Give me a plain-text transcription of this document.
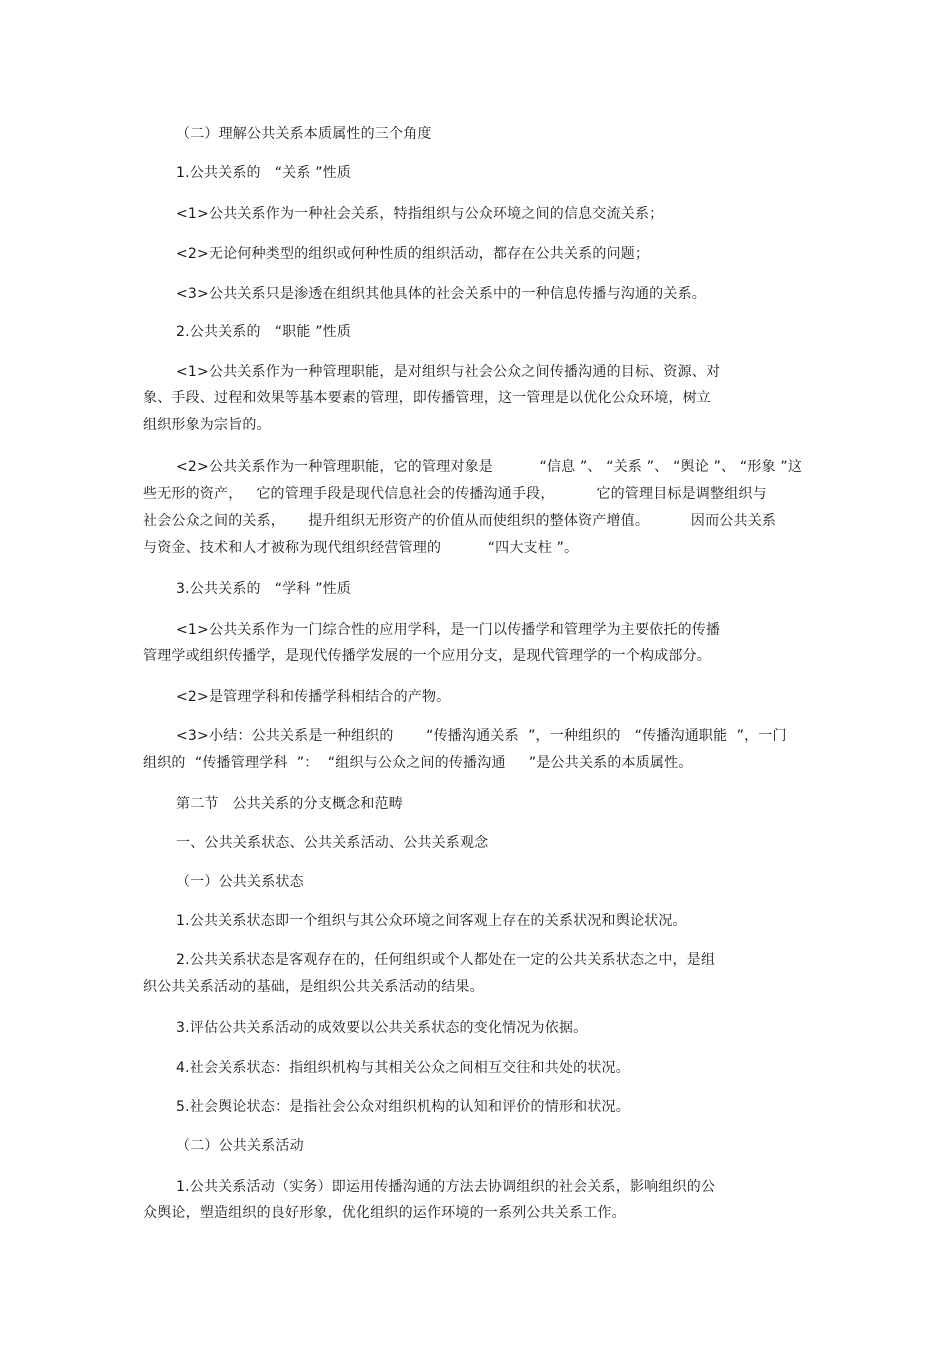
（二）理解公共关系本质属性的三个角度
1.公共关系的   “关系 ”性质
<1>公共关系作为一种社会关系，特指组织与公众环境之间的信息交流关系；
<2>无论何种类型的组织或何种性质的组织活动，都存在公共关系的问题；
<3>公共关系只是渗透在组织其他具体的社会关系中的一种信息传播与沟通的关系。
2.公共关系的   “职能 ”性质
<1>公共关系作为一种管理职能，是对组织与社会公众之间传播沟通的目标、资源、对
象、手段、过程和效果等基本要素的管理，即传播管理，这一管理是以优化公众环境，树立
组织形象为宗旨的。
<2>公共关系作为一种管理职能，它的管理对象是          “信息 ”、 “关系 ”、 “舆论 ”、 “形象 ”这
些无形的资产，   它的管理手段是现代信息社会的传播沟通手段，         它的管理目标是调整组织与
社会公众之间的关系，     提升组织无形资产的价值从而使组织的整体资产增值。         因而公共关系
与资金、技术和人才被称为现代组织经营管理的          “四大支柱 ”。
3.公共关系的   “学科 ”性质
<1>公共关系作为一门综合性的应用学科，是一门以传播学和管理学为主要依托的传播
管理学或组织传播学，是现代传播学发展的一个应用分支，是现代管理学的一个构成部分。
<2>是管理学科和传播学科相结合的产物。
<3>小结：公共关系是一种组织的       “传播沟通关系  ”，一种组织的   “传播沟通职能  ”，一门
组织的  “传播管理学科  ”：  “组织与公众之间的传播沟通     ”是公共关系的本质属性。
第二节   公共关系的分支概念和范畴
一、公共关系状态、公共关系活动、公共关系观念
（一）公共关系状态
1.公共关系状态即一个组织与其公众环境之间客观上存在的关系状况和舆论状况。
2.公共关系状态是客观存在的，任何组织或个人都处在一定的公共关系状态之中，是组
织公共关系活动的基础，是组织公共关系活动的结果。
3.评估公共关系活动的成效要以公共关系状态的变化情况为依据。
4.社会关系状态：指组织机构与其相关公众之间相互交往和共处的状况。
5.社会舆论状态：是指社会公众对组织机构的认知和评价的情形和状况。
（二）公共关系活动
1.公共关系活动（实务）即运用传播沟通的方法去协调组织的社会关系，影响组织的公
众舆论，塑造组织的良好形象，优化组织的运作环境的一系列公共关系工作。
